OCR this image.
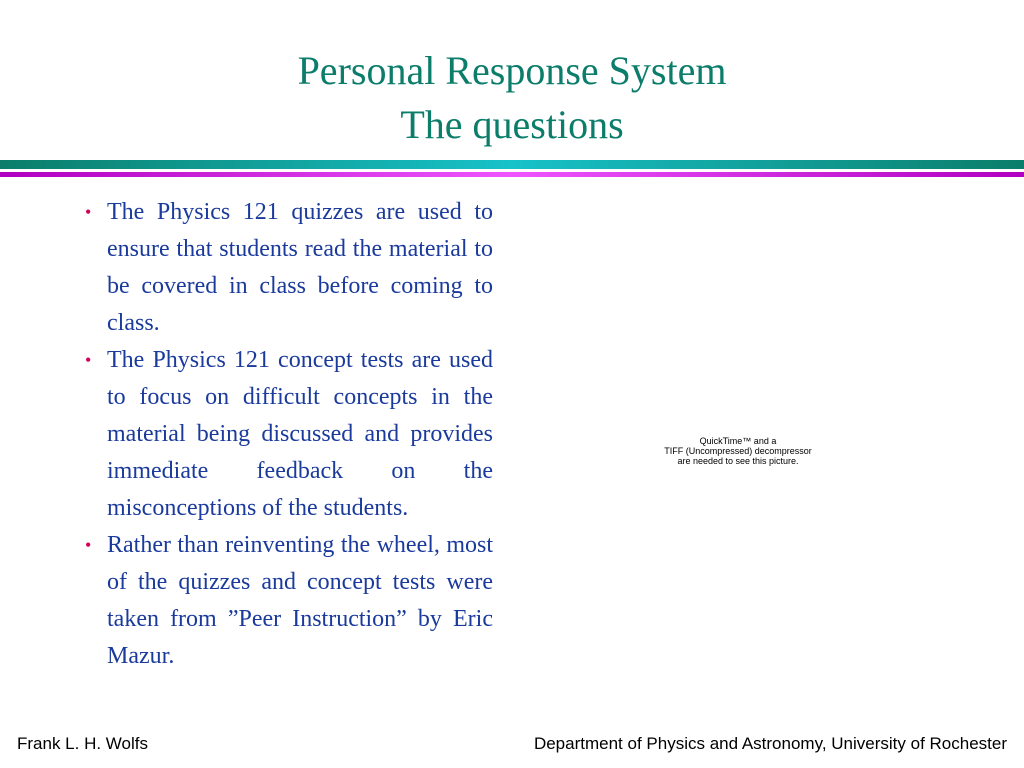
Personal Response System
The questions
• The Physics 121 quizzes are used to ensure that students read the material to be covered in class before coming to class.
• The Physics 121 concept tests are used to focus on difficult concepts in the material being discussed and provides immediate feedback on the misconceptions of the students.
• Rather than reinventing the wheel, most of the quizzes and concept tests were taken from ”Peer Instruction” by Eric Mazur.
QuickTime™ and a
TIFF (Uncompressed) decompressor
are needed to see this picture.
Frank L. H. Wolfs	Department of Physics and Astronomy, University of Rochester
